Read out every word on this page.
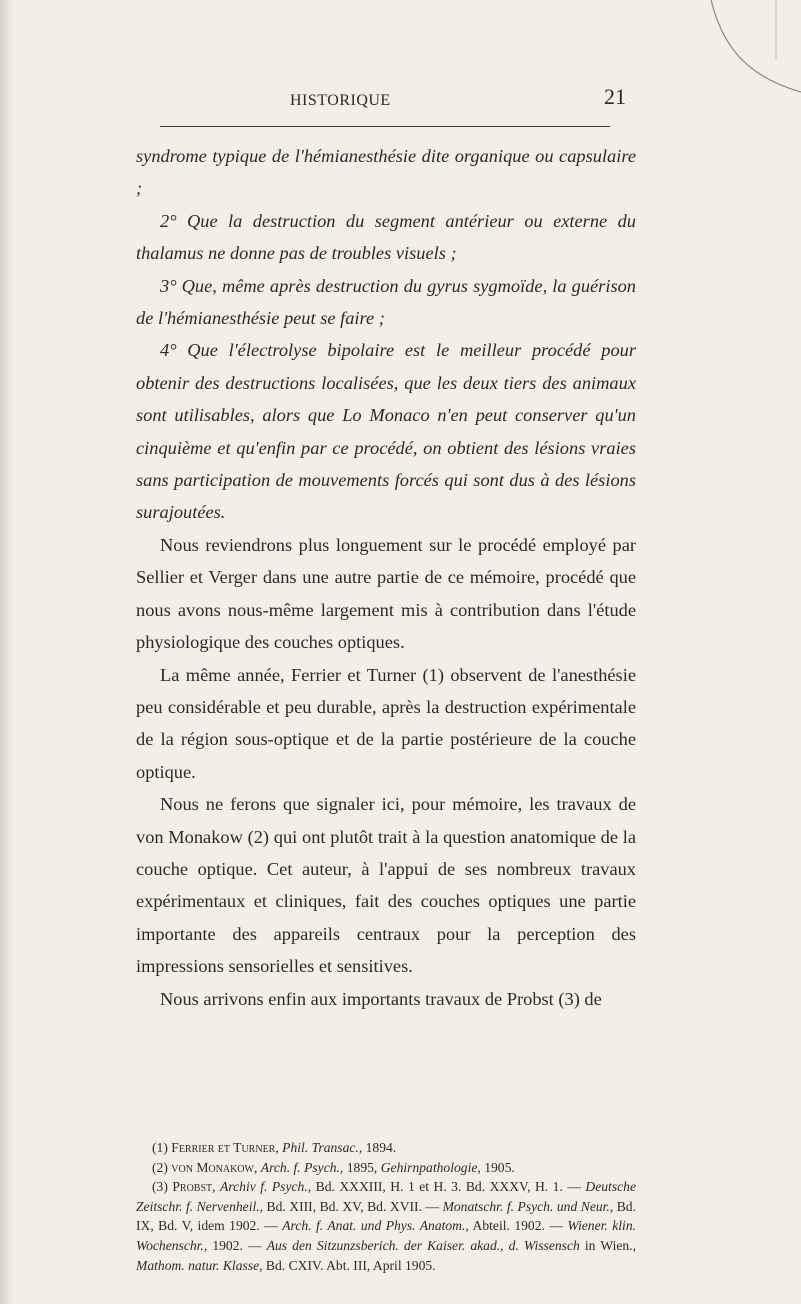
HISTORIQUE	21

syndrome typique de l'hémianesthésie dite organique ou capsulaire ;

2° Que la destruction du segment antérieur ou externe du thalamus ne donne pas de troubles visuels ;

3° Que, même après destruction du gyrus sygmoïde, la guérison de l'hémianesthésie peut se faire ;

4° Que l'électrolyse bipolaire est le meilleur procédé pour obtenir des destructions localisées, que les deux tiers des animaux sont utilisables, alors que Lo Monaco n'en peut conserver qu'un cinquième et qu'enfin par ce procédé, on obtient des lésions vraies sans participation de mouvements forcés qui sont dus à des lésions surajoutées.

Nous reviendrons plus longuement sur le procédé employé par Sellier et Verger dans une autre partie de ce mémoire, procédé que nous avons nous-même largement mis à contribution dans l'étude physiologique des couches optiques.

La même année, Ferrier et Turner (1) observent de l'anesthésie peu considérable et peu durable, après la destruction expérimentale de la région sous-optique et de la partie postérieure de la couche optique.

Nous ne ferons que signaler ici, pour mémoire, les travaux de von Monakow (2) qui ont plutôt trait à la question anatomique de la couche optique. Cet auteur, à l'appui de ses nombreux travaux expérimentaux et cliniques, fait des couches optiques une partie importante des appareils centraux pour la perception des impressions sensorielles et sensitives.

Nous arrivons enfin aux importants travaux de Probst (3) de

(1) Ferrier et Turner, Phil. Transac., 1894.

(2) von Monakow, Arch. f. Psych., 1895, Gehirnpathologie, 1905.

(3) Probst, Archiv f. Psych., Bd. XXXIII, H. 1 et H. 3. Bd. XXXV, H. 1. — Deutsche Zeitschr. f. Nervenheil., Bd. XIII, Bd. XV, Bd. XVII. — Monatschr. f. Psych. und Neur., Bd. IX, Bd. V, idem 1902. — Arch. f. Anat. und Phys. Anatom., Abteil. 1902. — Wiener. klin. Wochenschr., 1902. — Aus den Sitzunzsberich. der Kaiser. akad., d. Wissensch in Wien., Mathom. natur. Klasse, Bd. CXIV. Abt. III, April 1905.
